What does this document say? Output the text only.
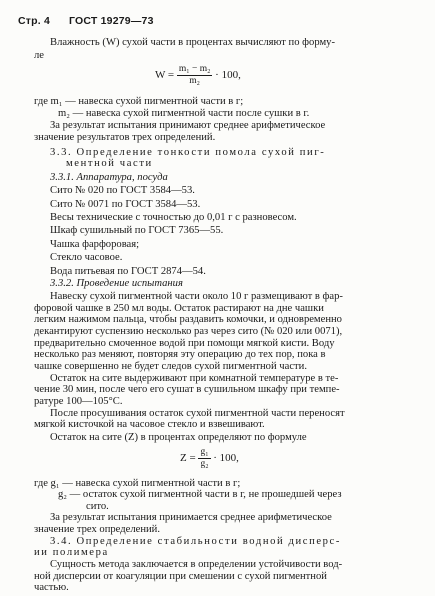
Стр. 4 ГОСТ 19279—73
Влажность (W) сухой части в процентах вычисляют по форму-
ле
$W = \frac{\text{m₁ − m₂}}{\text{m₂}} \cdot 100$,
где m₁ — навеска сухой пигментной части в г;
m₂ — навеска сухой пигментной части после сушки в г.
За результат испытания принимают среднее арифметическое
значение результатов трех определений.
3.3. Определение тонкости помола сухой пиг-
ментной части
3.3.1. Аппаратура, посуда
Сито № 020 по ГОСТ 3584—53.
Сито № 0071 по ГОСТ 3584—53.
Весы технические с точностью до 0,01 г с разновесом.
Шкаф сушильный по ГОСТ 7365—55.
Чашка фарфоровая;
Стекло часовое.
Вода питьевая по ГОСТ 2874—54.
3.3.2. Проведение испытания
Навеску сухой пигментной части около 10 г размещивают в фар-
форовой чашке в 250 мл воды. Остаток растирают на дне чашки
легким нажимом пальца, чтобы раздавить комочки, и одновременно
декантируют суспензию несколько раз через сито (№ 020 или 0071),
предварительно смоченное водой при помощи мягкой кисти. Воду
несколько раз меняют, повторяя эту операцию до тех пор, пока в
чашке совершенно не будет следов сухой пигментной части.
Остаток на сите выдерживают при комнатной температуре в те-
чение 30 мин, после чего его сушат в сушильном шкафу при темпе-
ратуре 100—105°С.
После просушивания остаток сухой пигментной части переносят
мягкой кисточкой на часовое стекло и взвешивают.
Остаток на сите (Z) в процентах определяют по формуле
$Z = \frac{\text{g₁}}{\text{g₂}} \cdot 100$,
где g₁ — навеска сухой пигментной части в г;
g₂ — остаток сухой пигментной части в г, не прошедшей через
сито.
За результат испытания принимается среднее арифметическое
значение трех определений.
3.4. Определение стабильности водной дисперс-
ии полимера
Сущность метода заключается в определении устойчивости вод-
ной дисперсии от коагуляции при смешении с сухой пигментной
частью.
